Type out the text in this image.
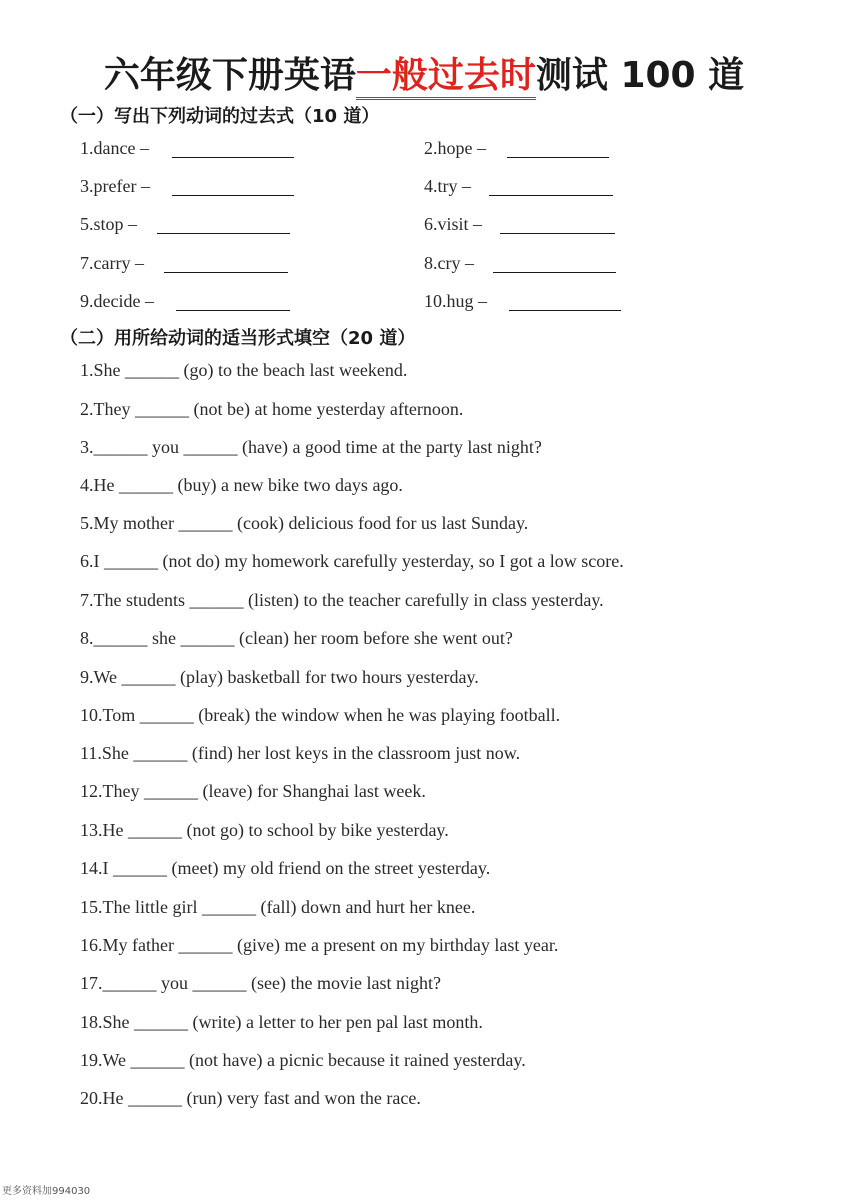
六年级下册英语一般过去时测试 100 道
（一）写出下列动词的过去式（10 道）
1.dance –
3.prefer –
5.stop –
7.carry –
9.decide –
2.hope –
4.try –
6.visit –
8.cry –
10.hug –
（二）用所给动词的适当形式填空（20 道）
1.She ______ (go) to the beach last weekend.
2.They ______ (not be) at home yesterday afternoon.
3.______ you ______ (have) a good time at the party last night?
4.He ______ (buy) a new bike two days ago.
5.My mother ______ (cook) delicious food for us last Sunday.
6.I ______ (not do) my homework carefully yesterday, so I got a low score.
7.The students ______ (listen) to the teacher carefully in class yesterday.
8.______ she ______ (clean) her room before she went out?
9.We ______ (play) basketball for two hours yesterday.
10.Tom ______ (break) the window when he was playing football.
11.She ______ (find) her lost keys in the classroom just now.
12.They ______ (leave) for Shanghai last week.
13.He ______ (not go) to school by bike yesterday.
14.I ______ (meet) my old friend on the street yesterday.
15.The little girl ______ (fall) down and hurt her knee.
16.My father ______ (give) me a present on my birthday last year.
17.______ you ______ (see) the movie last night?
18.She ______ (write) a letter to her pen pal last month.
19.We ______ (not have) a picnic because it rained yesterday.
20.He ______ (run) very fast and won the race.
更多资料加994030
